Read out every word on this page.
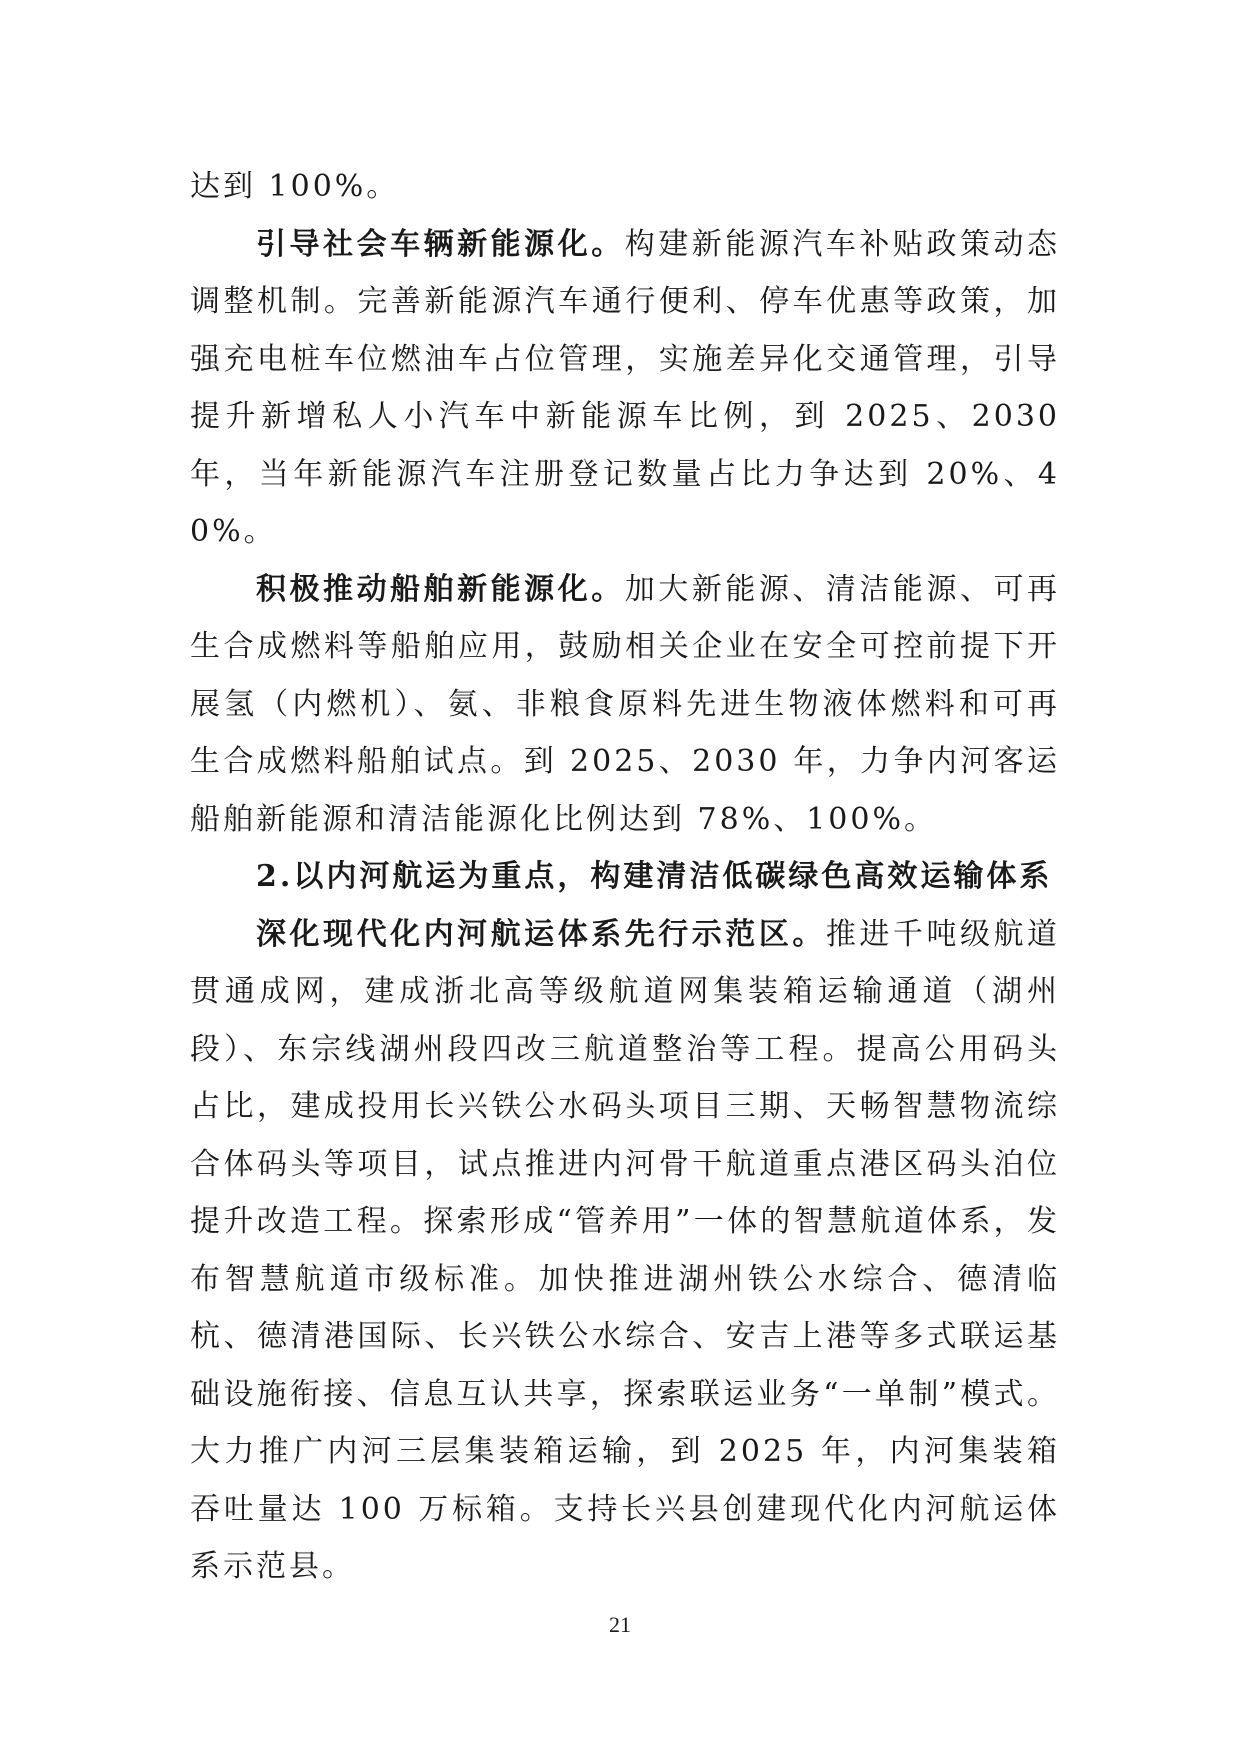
达到 100%。

引导社会车辆新能源化。构建新能源汽车补贴政策动态调整机制。完善新能源汽车通行便利、停车优惠等政策，加强充电桩车位燃油车占位管理，实施差异化交通管理，引导提升新增私人小汽车中新能源车比例，到 2025、2030 年，当年新能源汽车注册登记数量占比力争达到 20%、40%。

积极推动船舶新能源化。加大新能源、清洁能源、可再生合成燃料等船舶应用，鼓励相关企业在安全可控前提下开展氢（内燃机）、氨、非粮食原料先进生物液体燃料和可再生合成燃料船舶试点。到 2025、2030 年，力争内河客运船舶新能源和清洁能源化比例达到 78%、100%。

2.以内河航运为重点，构建清洁低碳绿色高效运输体系

深化现代化内河航运体系先行示范区。推进千吨级航道贯通成网，建成浙北高等级航道网集装箱运输通道（湖州段）、东宗线湖州段四改三航道整治等工程。提高公用码头占比，建成投用长兴铁公水码头项目三期、天畅智慧物流综合体码头等项目，试点推进内河骨干航道重点港区码头泊位提升改造工程。探索形成“管养用”一体的智慧航道体系，发布智慧航道市级标准。加快推进湖州铁公水综合、德清临杭、德清港国际、长兴铁公水综合、安吉上港等多式联运基础设施衔接、信息互认共享，探索联运业务“一单制”模式。大力推广内河三层集装箱运输，到 2025 年，内河集装箱吞吐量达 100 万标箱。支持长兴县创建现代化内河航运体系示范县。

21
